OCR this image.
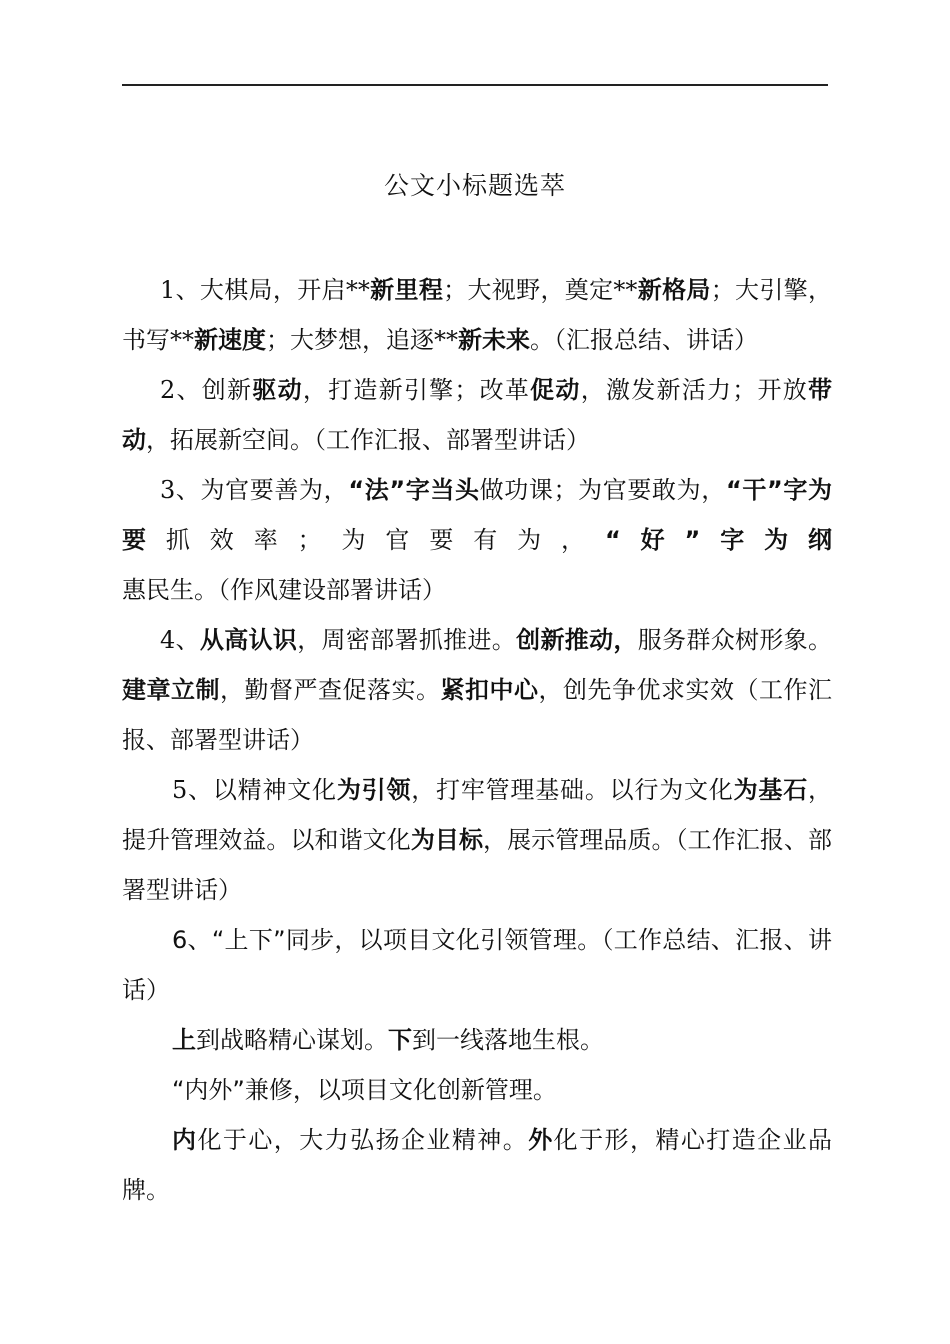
公文小标题选萃

1、大棋局，开启**新里程；大视野，奠定**新格局；大引擎，书写**新速度；大梦想，追逐**新未来。（汇报总结、讲话）

2、创新驱动，打造新引擎；改革促动，激发新活力；开放带动，拓展新空间。（工作汇报、部署型讲话）

3、为官要善为，“法”字当头做功课；为官要敢为，“干”字为要抓效率；为官要有为，“好”字为纲惠民生。（作风建设部署讲话）

4、从高认识，周密部署抓推进。创新推动，服务群众树形象。建章立制，勤督严查促落实。紧扣中心，创先争优求实效（工作汇报、部署型讲话）

5、以精神文化为引领，打牢管理基础。以行为文化为基石，提升管理效益。以和谐文化为目标，展示管理品质。（工作汇报、部署型讲话）

6、“上下”同步，以项目文化引领管理。（工作总结、汇报、讲话）

上到战略精心谋划。下到一线落地生根。

“内外”兼修，以项目文化创新管理。

内化于心，大力弘扬企业精神。外化于形，精心打造企业品牌。
